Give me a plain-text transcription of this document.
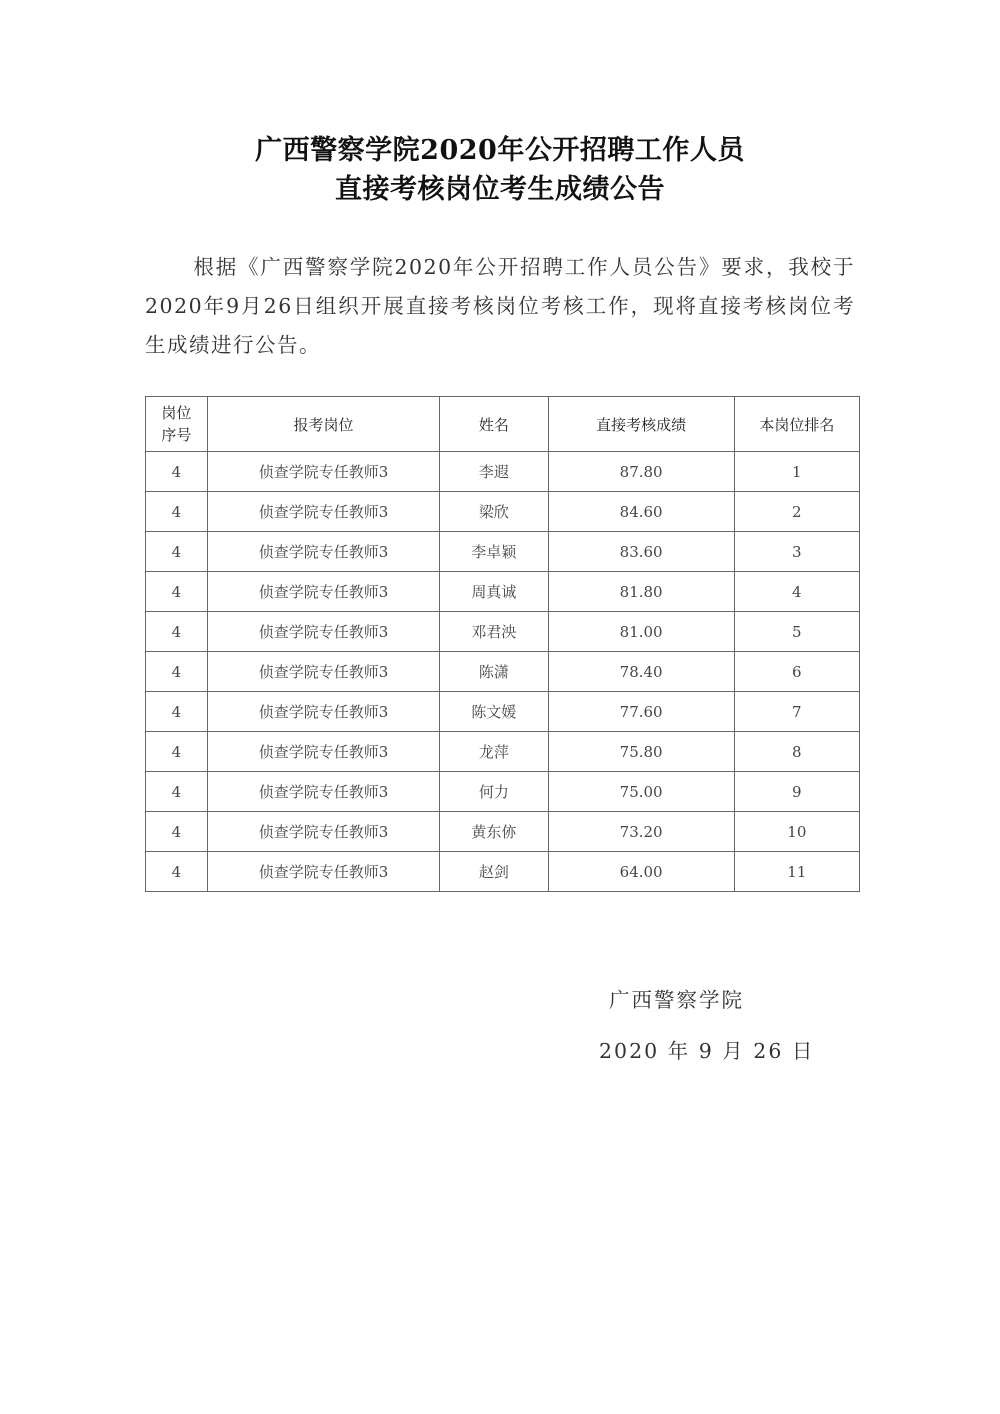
广西警察学院2020年公开招聘工作人员
直接考核岗位考生成绩公告
根据《广西警察学院2020年公开招聘工作人员公告》要求，我校于2020年9月26日组织开展直接考核岗位考核工作，现将直接考核岗位考生成绩进行公告。
岗位
序号	报考岗位	姓名	直接考核成绩	本岗位排名
4	侦查学院专任教师3	李遐	87.80	1
4	侦查学院专任教师3	梁欣	84.60	2
4	侦查学院专任教师3	李卓颖	83.60	3
4	侦查学院专任教师3	周真诚	81.80	4
4	侦查学院专任教师3	邓君泱	81.00	5
4	侦查学院专任教师3	陈潇	78.40	6
4	侦查学院专任教师3	陈文媛	77.60	7
4	侦查学院专任教师3	龙萍	75.80	8
4	侦查学院专任教师3	何力	75.00	9
4	侦查学院专任教师3	黄东㑊	73.20	10
4	侦查学院专任教师3	赵剑	64.00	11
广西警察学院
2020 年 9 月 26 日
